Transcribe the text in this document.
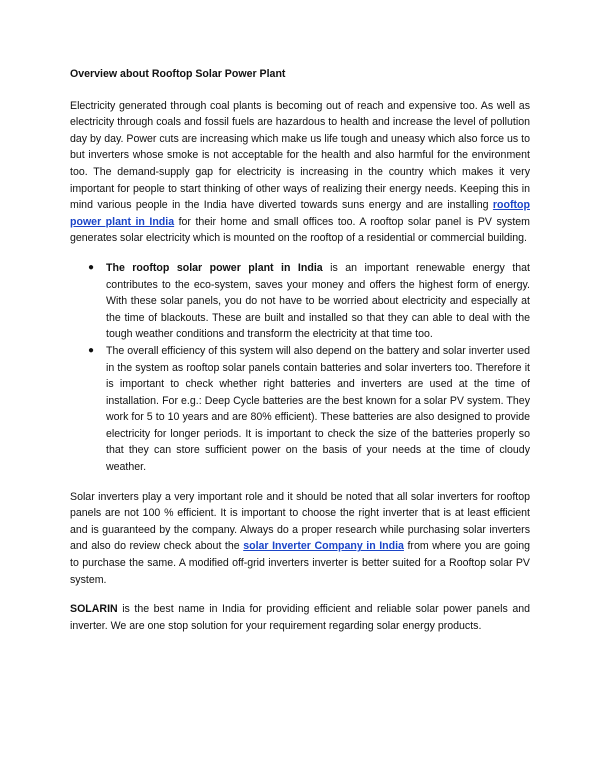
Overview about Rooftop Solar Power Plant

Electricity generated through coal plants is becoming out of reach and expensive too. As well as electricity through coals and fossil fuels are hazardous to health and increase the level of pollution day by day. Power cuts are increasing which make us life tough and uneasy which also force us to but inverters whose smoke is not acceptable for the health and also harmful for the environment too. The demand-supply gap for electricity is increasing in the country which makes it very important for people to start thinking of other ways of realizing their energy needs. Keeping this in mind various people in the India have diverted towards suns energy and are installing rooftop power plant in India for their home and small offices too. A rooftop solar panel is PV system generates solar electricity which is mounted on the rooftop of a residential or commercial building.

● The rooftop solar power plant in India is an important renewable energy that contributes to the eco-system, saves your money and offers the highest form of energy. With these solar panels, you do not have to be worried about electricity and especially at the time of blackouts. These are built and installed so that they can able to deal with the tough weather conditions and transform the electricity at that time too.
● The overall efficiency of this system will also depend on the battery and solar inverter used in the system as rooftop solar panels contain batteries and solar inverters too. Therefore it is important to check whether right batteries and inverters are used at the time of installation. For e.g.: Deep Cycle batteries are the best known for a solar PV system. They work for 5 to 10 years and are 80% efficient). These batteries are also designed to provide electricity for longer periods. It is important to check the size of the batteries properly so that they can store sufficient power on the basis of your needs at the time of cloudy weather.

Solar inverters play a very important role and it should be noted that all solar inverters for rooftop panels are not 100 % efficient. It is important to choose the right inverter that is at least efficient and is guaranteed by the company. Always do a proper research while purchasing solar inverters and also do review check about the solar Inverter Company in India from where you are going to purchase the same. A modified off-grid inverters inverter is better suited for a Rooftop solar PV system.

SOLARIN is the best name in India for providing efficient and reliable solar power panels and inverter. We are one stop solution for your requirement regarding solar energy products.
